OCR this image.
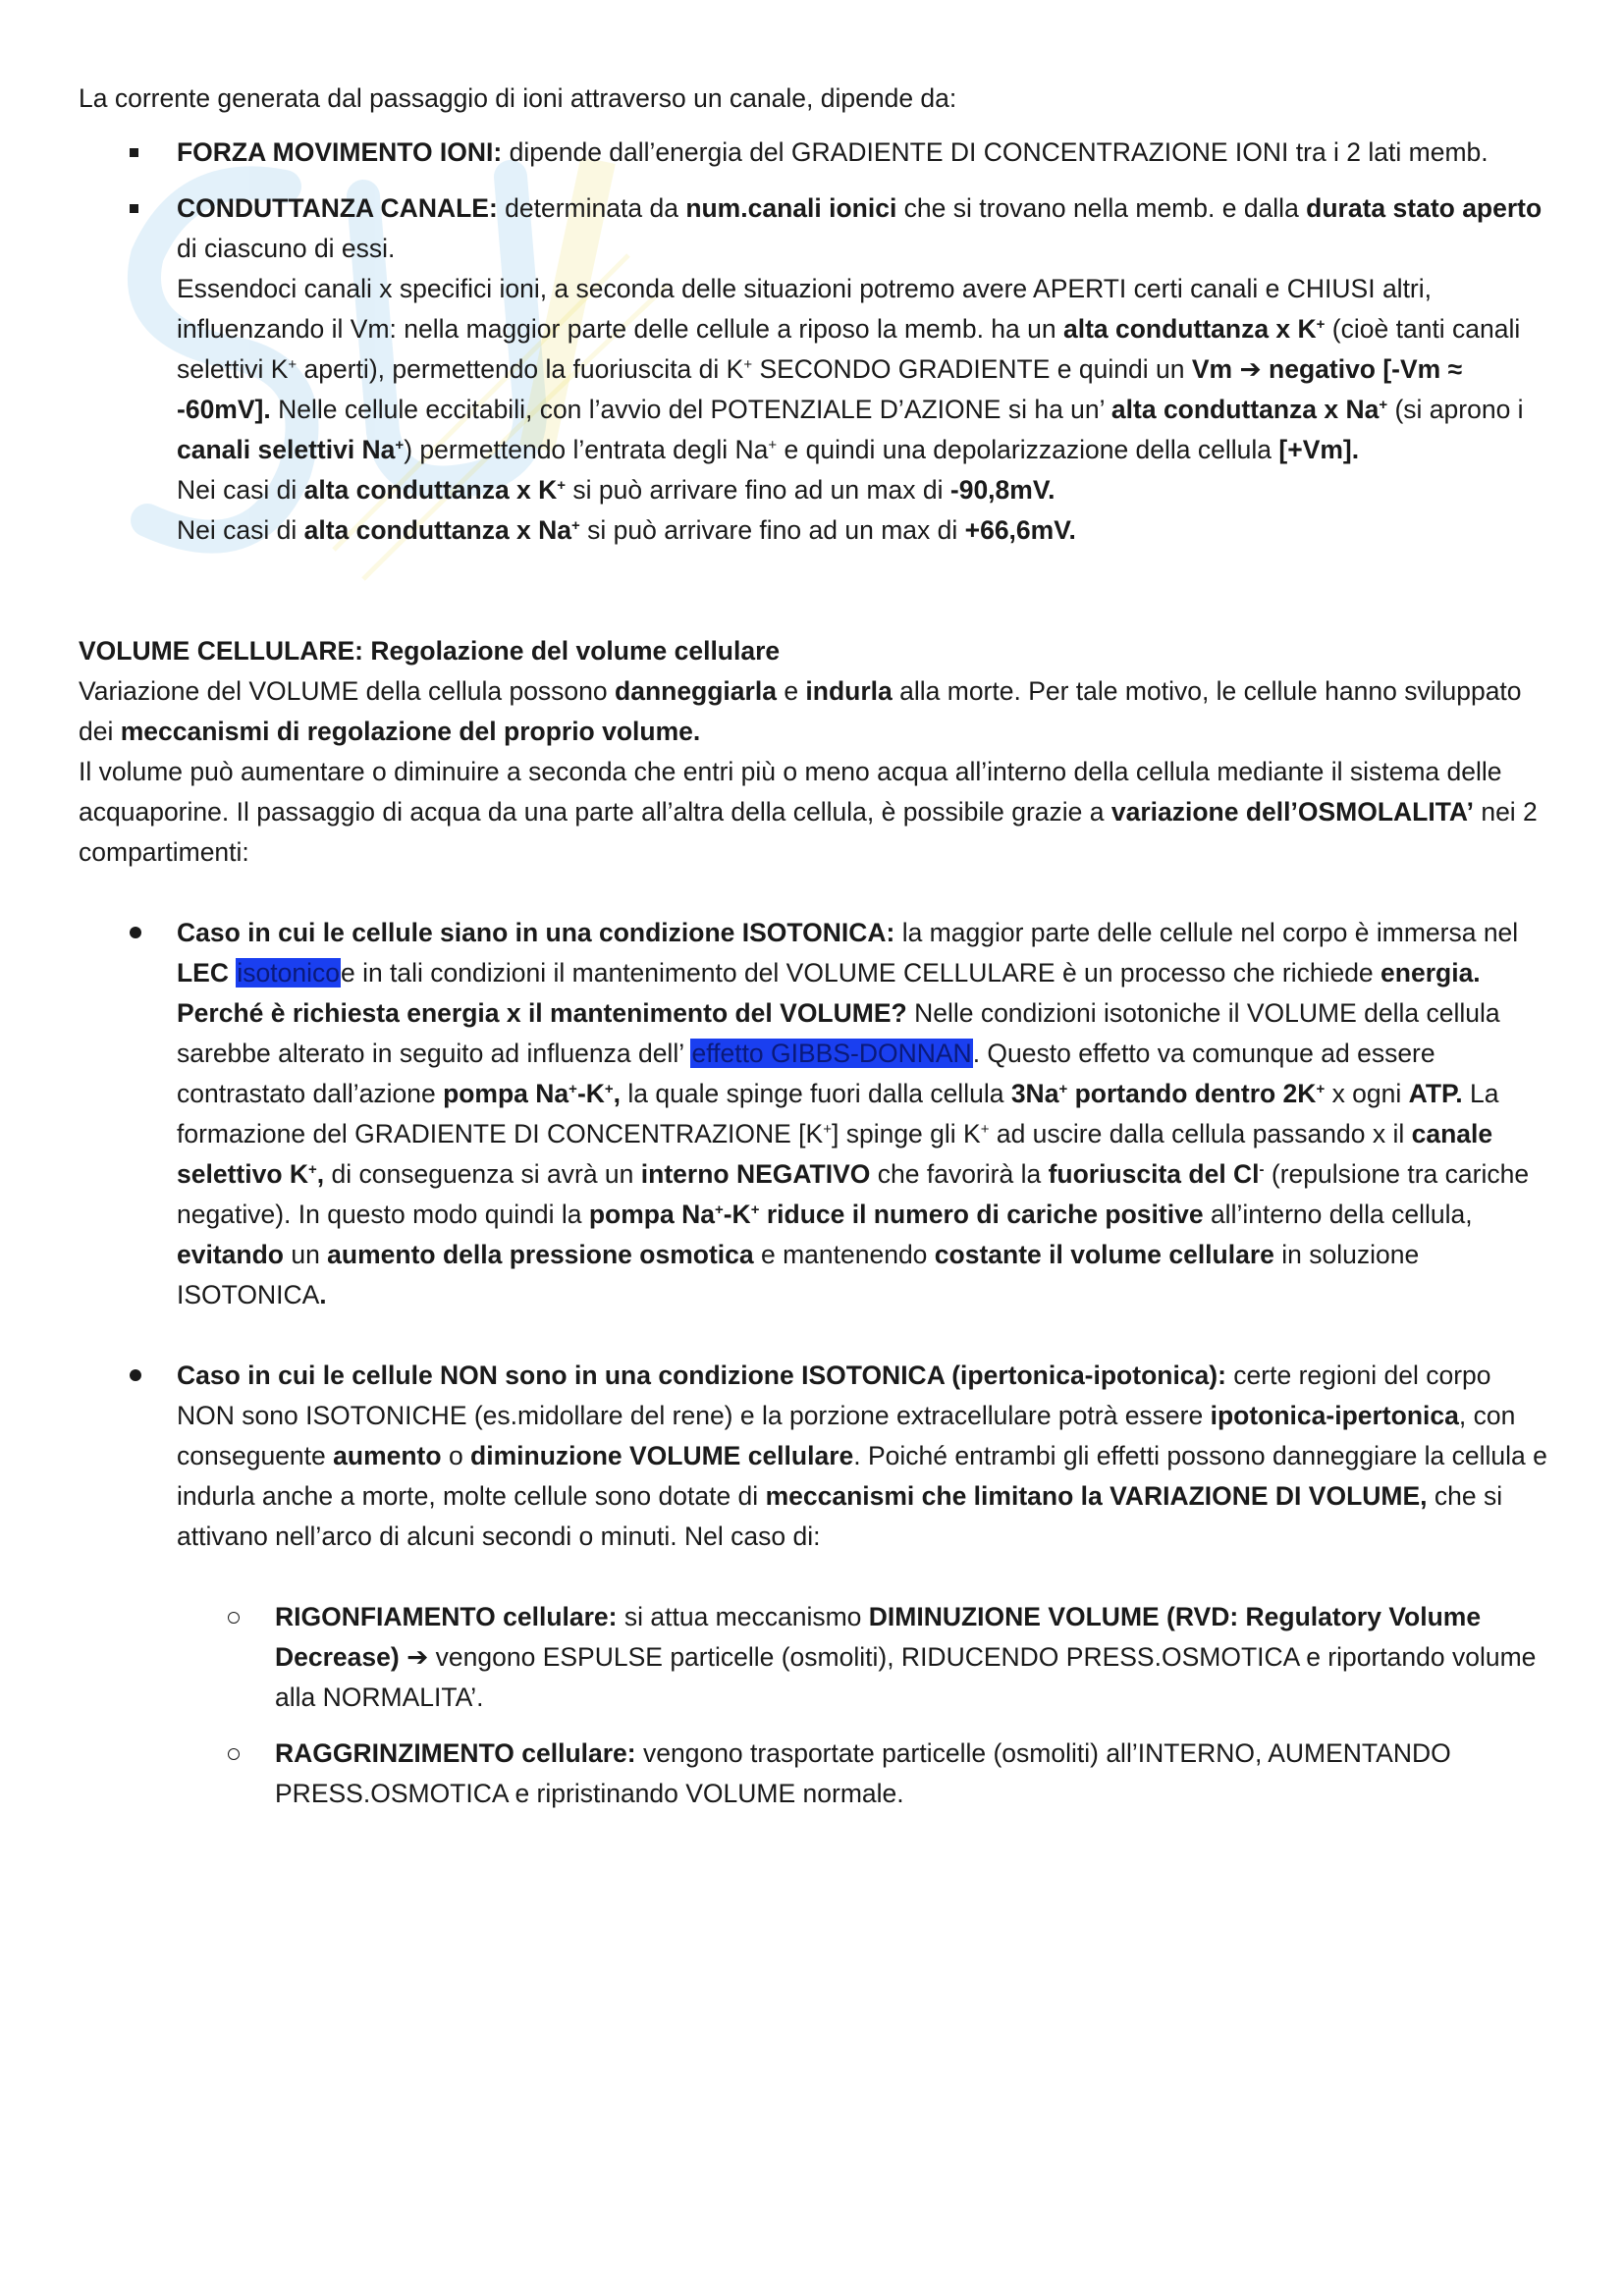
La corrente generata dal passaggio di ioni attraverso un canale, dipende da:

FORZA MOVIMENTO IONI: dipende dall’energia del GRADIENTE DI CONCENTRAZIONE IONI tra i 2 lati memb.
CONDUTTANZA CANALE: determinata da num.canali ionici che si trovano nella memb. e dalla durata stato aperto di ciascuno di essi.
Essendoci canali x specifici ioni, a seconda delle situazioni potremo avere APERTI certi canali e CHIUSI altri, influenzando il Vm: nella maggior parte delle cellule a riposo la memb. ha un alta conduttanza x K+ (cioè tanti canali selettivi K+ aperti), permettendo la fuoriuscita di K+ SECONDO GRADIENTE e quindi un Vm ➔ negativo [-Vm ≈ -60mV]. Nelle cellule eccitabili, con l’avvio del POTENZIALE D’AZIONE si ha un’ alta conduttanza x Na+ (si aprono i canali selettivi Na+) permettendo l’entrata degli Na+ e quindi una depolarizzazione della cellula [+Vm].
Nei casi di alta conduttanza x K+ si può arrivare fino ad un max di -90,8mV.
Nei casi di alta conduttanza x Na+ si può arrivare fino ad un max di +66,6mV.

VOLUME CELLULARE: Regolazione del volume cellulare

Variazione del VOLUME della cellula possono danneggiarla e indurla alla morte. Per tale motivo, le cellule hanno sviluppato dei meccanismi di regolazione del proprio volume.

Il volume può aumentare o diminuire a seconda che entri più o meno acqua all’interno della cellula mediante il sistema delle acquaporine. Il passaggio di acqua da una parte all’altra della cellula, è possibile grazie a variazione dell’OSMOLALITA’ nei 2 compartimenti:

Caso in cui le cellule siano in una condizione ISOTONICA: la maggior parte delle cellule nel corpo è immersa nel LEC isotonicoe in tali condizioni il mantenimento del VOLUME CELLULARE è un processo che richiede energia.
Perché è richiesta energia x il mantenimento del VOLUME? Nelle condizioni isotoniche il VOLUME della cellula sarebbe alterato in seguito ad influenza dell’ effetto GIBBS-DONNAN. Questo effetto va comunque ad essere contrastato dall’azione pompa Na+-K+, la quale spinge fuori dalla cellula 3Na+ portando dentro 2K+ x ogni ATP. La formazione del GRADIENTE DI CONCENTRAZIONE [K+] spinge gli K+ ad uscire dalla cellula passando x il canale selettivo K+, di conseguenza si avrà un interno NEGATIVO che favorirà la fuoriuscita del Cl- (repulsione tra cariche negative). In questo modo quindi la pompa Na+-K+ riduce il numero di cariche positive all’interno della cellula, evitando un aumento della pressione osmotica e mantenendo costante il volume cellulare in soluzione ISOTONICA.
Caso in cui le cellule NON sono in una condizione ISOTONICA (ipertonica-ipotonica): certe regioni del corpo NON sono ISOTONICHE (es.midollare del rene) e la porzione extracellulare potrà essere ipotonica-ipertonica, con conseguente aumento o diminuzione VOLUME cellulare. Poiché entrambi gli effetti possono danneggiare la cellula e indurla anche a morte, molte cellule sono dotate di meccanismi che limitano la VARIAZIONE DI VOLUME, che si attivano nell’arco di alcuni secondi o minuti. Nel caso di:
RIGONFIAMENTO cellulare: si attua meccanismo DIMINUZIONE VOLUME (RVD: Regulatory Volume Decrease) ➔ vengono ESPULSE particelle (osmoliti), RIDUCENDO PRESS.OSMOTICA e riportando volume alla NORMALITA’.
RAGGRINZIMENTO cellulare: vengono trasportate particelle (osmoliti) all’INTERNO, AUMENTANDO PRESS.OSMOTICA e ripristinando VOLUME normale.
